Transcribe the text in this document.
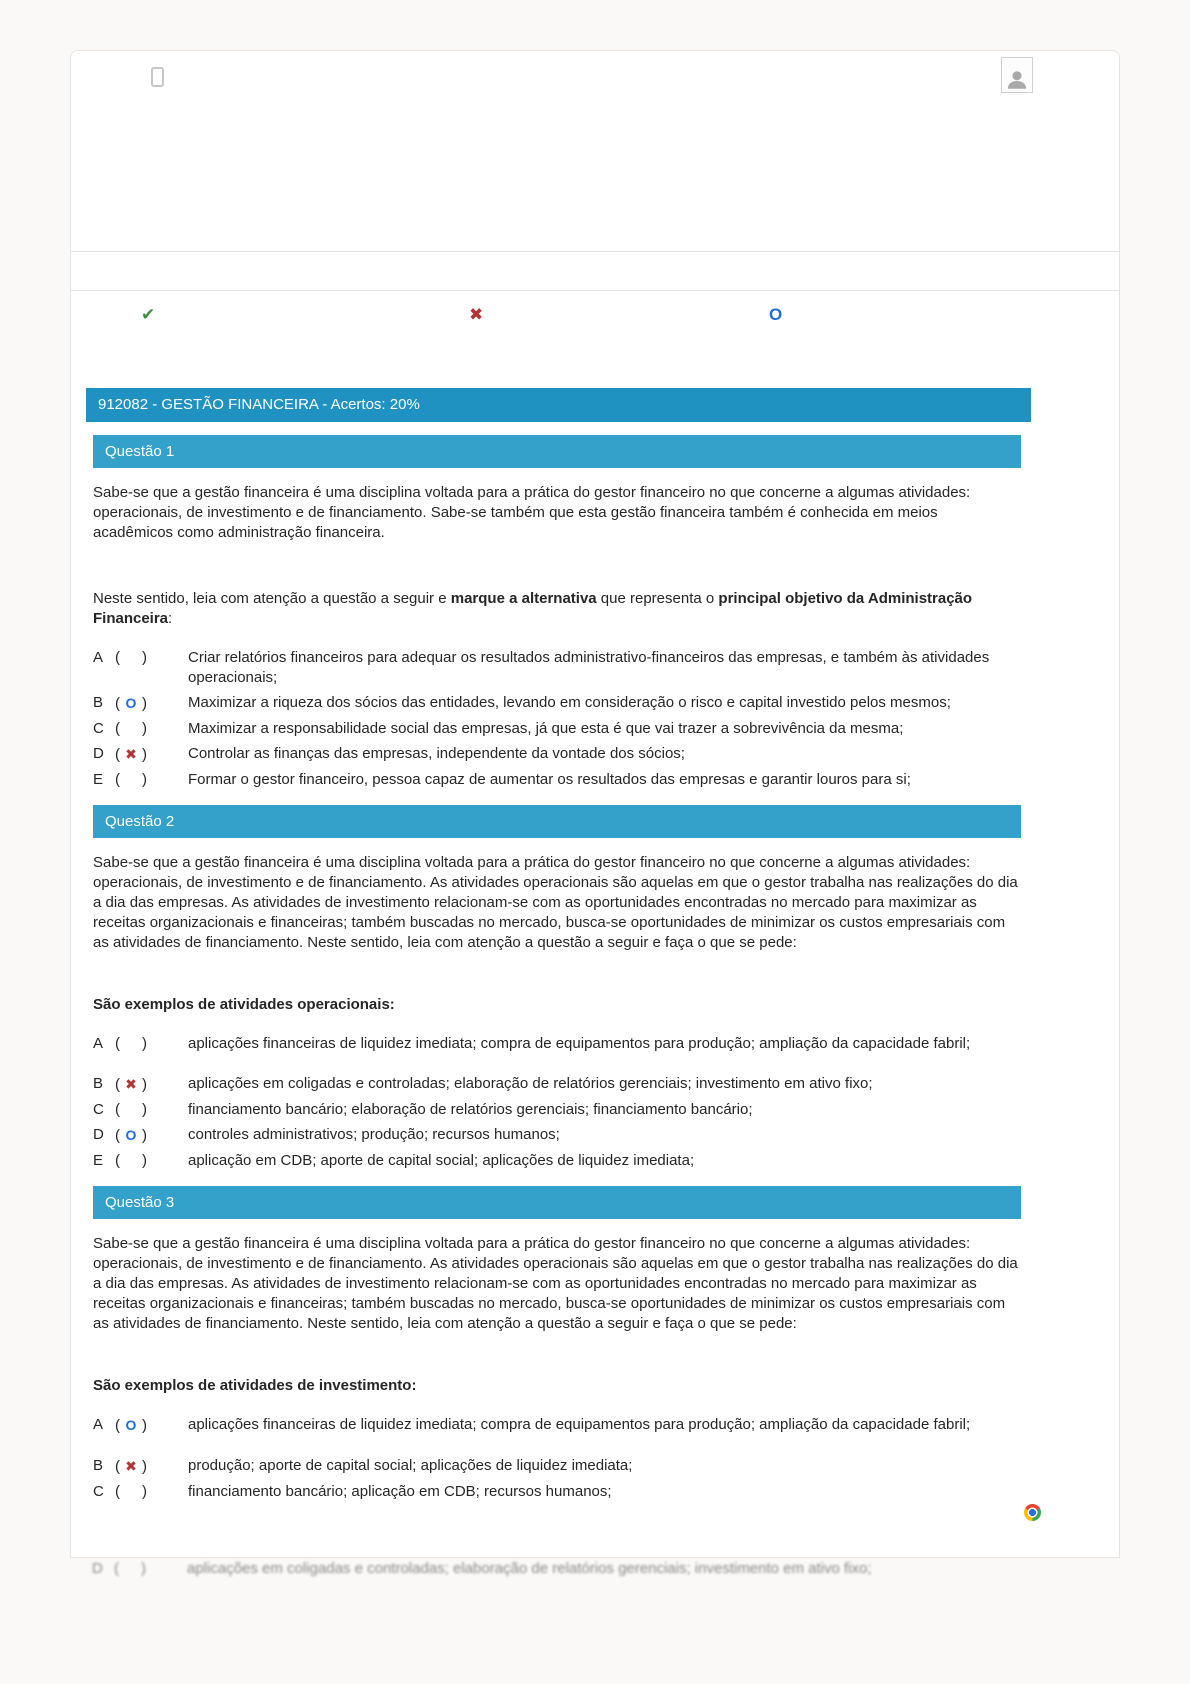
✔	✖	O
912082 - GESTÃO FINANCEIRA - Acertos: 20%
Questão 1

Sabe-se que a gestão financeira é uma disciplina voltada para a prática do gestor financeiro no que concerne a algumas atividades: operacionais, de investimento e de financiamento. Sabe-se também que esta gestão financeira também é conhecida em meios acadêmicos como administração financeira.

Neste sentido, leia com atenção a questão a seguir e marque a alternativa que representa o principal objetivo da Administração Financeira:

A ( )	Criar relatórios financeiros para adequar os resultados administrativo-financeiros das empresas, e também às atividades operacionais;
B ( O )	Maximizar a riqueza dos sócios das entidades, levando em consideração o risco e capital investido pelos mesmos;
C ( )	Maximizar a responsabilidade social das empresas, já que esta é que vai trazer a sobrevivência da mesma;
D ( ✖ )	Controlar as finanças das empresas, independente da vontade dos sócios;
E ( )	Formar o gestor financeiro, pessoa capaz de aumentar os resultados das empresas e garantir louros para si;
Questão 2

Sabe-se que a gestão financeira é uma disciplina voltada para a prática do gestor financeiro no que concerne a algumas atividades: operacionais, de investimento e de financiamento. As atividades operacionais são aquelas em que o gestor trabalha nas realizações do dia a dia das empresas. As atividades de investimento relacionam-se com as oportunidades encontradas no mercado para maximizar as receitas organizacionais e financeiras; também buscadas no mercado, busca-se oportunidades de minimizar os custos empresariais com as atividades de financiamento. Neste sentido, leia com atenção a questão a seguir e faça o que se pede:

São exemplos de atividades operacionais:

A ( )	aplicações financeiras de liquidez imediata; compra de equipamentos para produção; ampliação da capacidade fabril;
B ( ✖ )	aplicações em coligadas e controladas; elaboração de relatórios gerenciais; investimento em ativo fixo;
C ( )	financiamento bancário; elaboração de relatórios gerenciais; financiamento bancário;
D ( O )	controles administrativos; produção; recursos humanos;
E ( )	aplicação em CDB; aporte de capital social; aplicações de liquidez imediata;
Questão 3

Sabe-se que a gestão financeira é uma disciplina voltada para a prática do gestor financeiro no que concerne a algumas atividades: operacionais, de investimento e de financiamento. As atividades operacionais são aquelas em que o gestor trabalha nas realizações do dia a dia das empresas. As atividades de investimento relacionam-se com as oportunidades encontradas no mercado para maximizar as receitas organizacionais e financeiras; também buscadas no mercado, busca-se oportunidades de minimizar os custos empresariais com as atividades de financiamento. Neste sentido, leia com atenção a questão a seguir e faça o que se pede:

São exemplos de atividades de investimento:

A ( O )	aplicações financeiras de liquidez imediata; compra de equipamentos para produção; ampliação da capacidade fabril;
B ( ✖ )	produção; aporte de capital social; aplicações de liquidez imediata;
C ( )	financiamento bancário; aplicação em CDB; recursos humanos;
D ( )	aplicações em coligadas e controladas; elaboração de relatórios gerenciais; investimento em ativo fixo;
